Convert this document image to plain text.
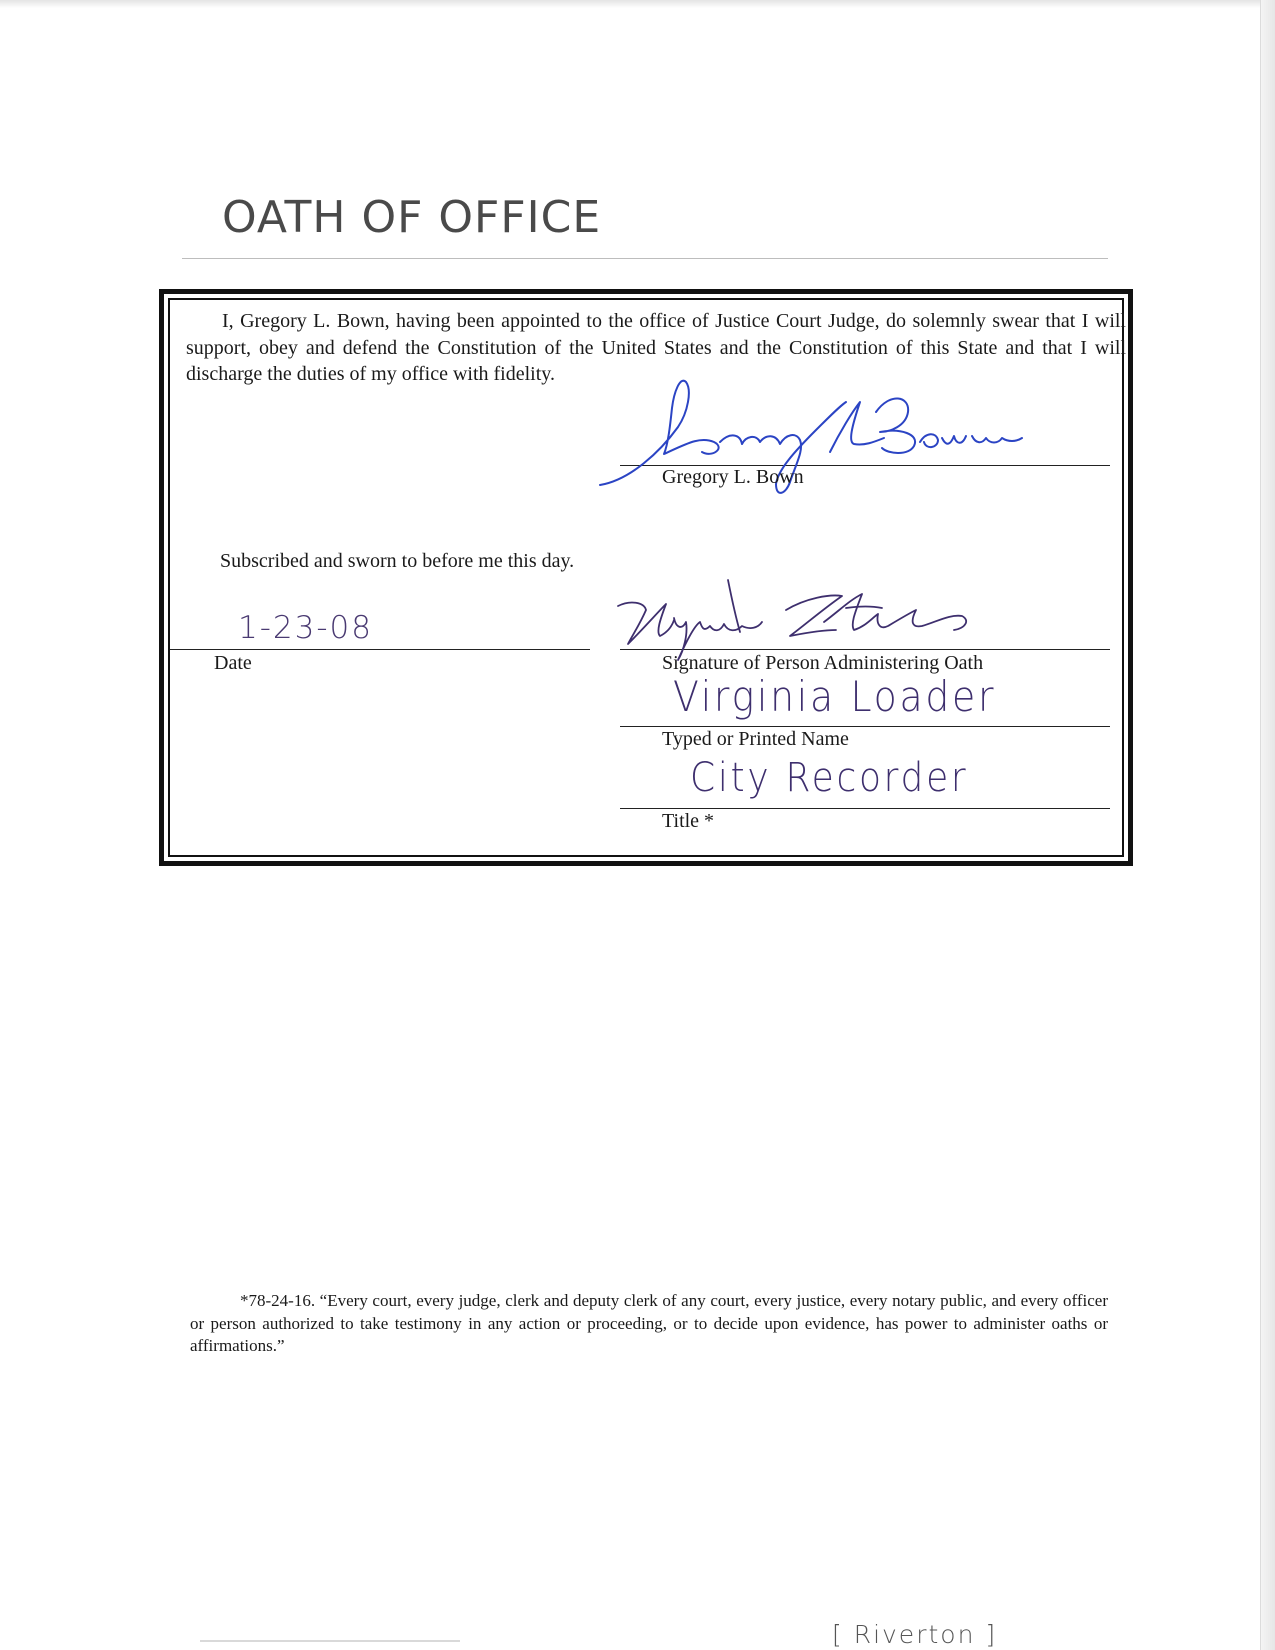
OATH OF OFFICE

I, Gregory L. Bown, having been appointed to the office of Justice Court Judge, do solemnly swear that I will support, obey and defend the Constitution of the United States and the Constitution of this State and that I will discharge the duties of my office with fidelity.

Gregory L. Bown
Subscribed and sworn to before me this day.
1-23-08
Date	Signature of Person Administering Oath
Virginia Loader
Typed or Printed Name
City Recorder
Title *

*78-24-16. “Every court, every judge, clerk and deputy clerk of any court, every justice, every notary public, and every officer or person authorized to take testimony in any action or proceeding, or to decide upon evidence, has power to administer oaths or affirmations.”

[ Riverton ]
